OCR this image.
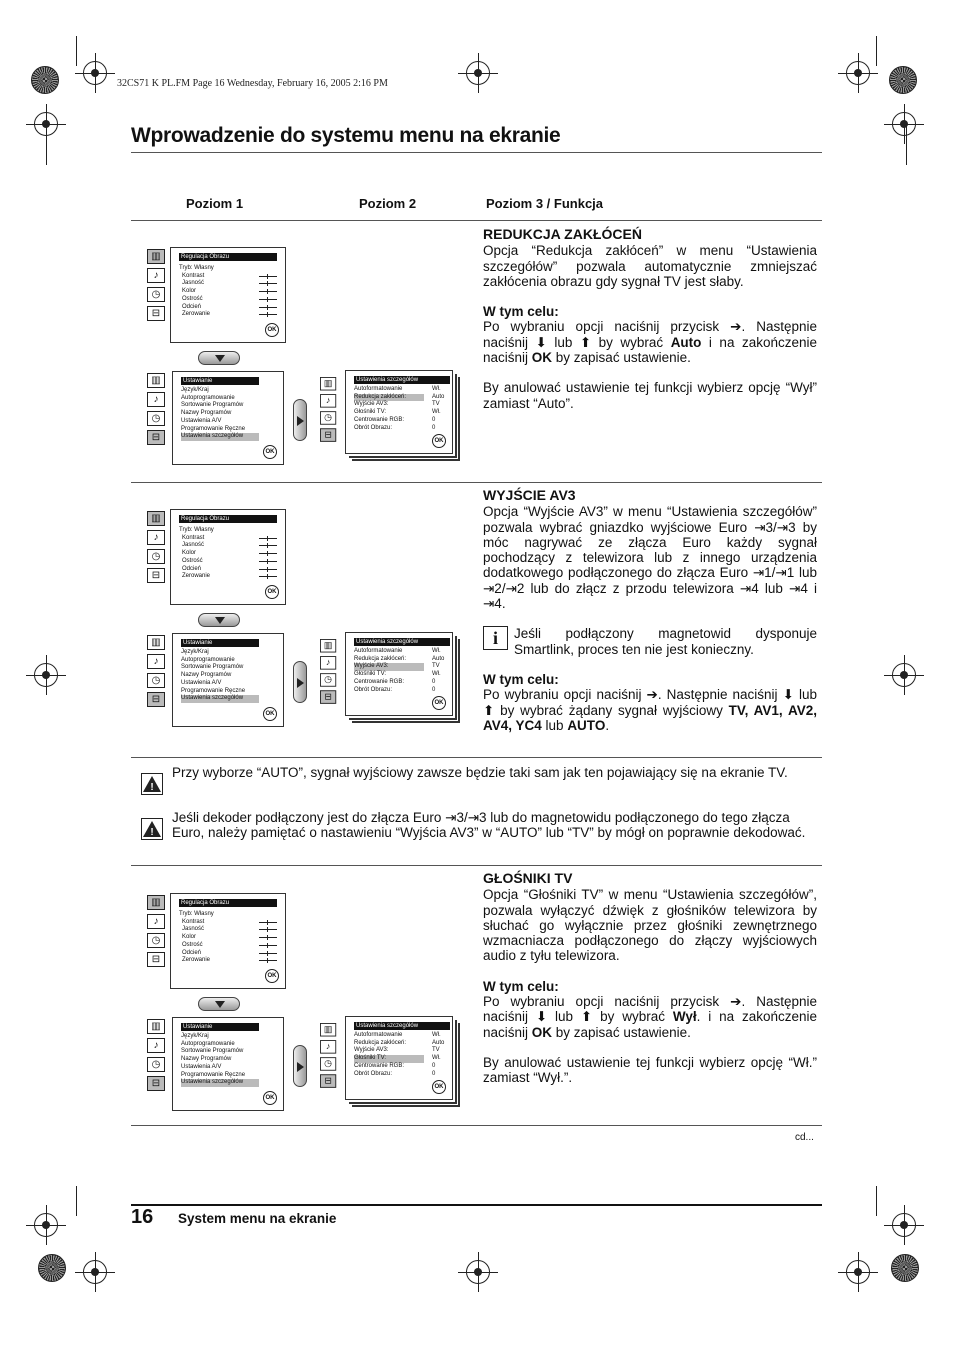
32CS71 K PL.FM Page 16 Wednesday, February 16, 2005 2:16 PM
Wprowadzenie do systemu menu na ekranie
Poziom 1	Poziom 2	Poziom 3 / Funkcja
▥
♪
◷
⊟
Regulacja Obrazu
Tryb: Własny
Kontrast
Jasność
Kolor
Ostrość
Odcień
Zerowanie
OK
▥
♪
◷
⊟
Ustawianie
Język/Kraj
Autoprogramowanie
Sortowanie Programów
Nazwy Programów
Ustawienia A/V
Programowanie Ręczne
Ustawienia szczegółów
OK
▥
♪
◷
⊟
Ustawienia szczegółów
Autoformatowanie
Redukcja zakłóceń:
Wyjście AV3:
Głośniki TV:
Centrowanie RGB:
Obrót Obrazu:
Wł.
Auto
TV
Wł.
0
0
OK
REDUKCJA ZAKŁÓCEŃ

Opcja “Redukcja zakłóceń” w menu “Ustawienia szczegółów” pozwala automatycznie zmniejszać zakłócenia obrazu gdy sygnał TV jest słaby.

W tym celu:

Po wybraniu opcji naciśnij przycisk ➔. Następnie naciśnij ⬇ lub ⬆ by wybrać Auto i na zakończenie naciśnij OK by zapisać ustawienie.

By anulować ustawienie tej funkcji wybierz opcję “Wył” zamiast “Auto”.

▥
♪
◷
⊟
Regulacja Obrazu
Tryb: Własny
Kontrast
Jasność
Kolor
Ostrość
Odcień
Zerowanie
OK
▥
♪
◷
⊟
Ustawianie
Język/Kraj
Autoprogramowanie
Sortowanie Programów
Nazwy Programów
Ustawienia A/V
Programowanie Ręczne
Ustawienia szczegółów
OK
▥
♪
◷
⊟
Ustawienia szczegółów
Autoformatowanie
Redukcja zakłóceń:
Wyjście AV3:
Głośniki TV:
Centrowanie RGB:
Obrót Obrazu:
Wł.
Auto
TV
Wł.
0
0
OK
WYJŚCIE AV3

Opcja “Wyjście AV3” w menu “Ustawienia szczegółów” pozwala wybrać gniazdko wyjściowe Euro ⇥3/⇥3 by móc nagrywać ze złącza Euro każdy sygnał pochodzący z telewizora lub z innego urządzenia dodatkowego podłączonego do złącza Euro ⇥1/⇥1 lub ⇥2/⇥2 lub do złącz z przodu telewizora ⇥4 lub ⇥4 i ⇥4.

i	Jeśli podłączony magnetowid dysponuje Smartlink, proces ten nie jest konieczny.

W tym celu:

Po wybraniu opcji naciśnij ➔. Następnie naciśnij ⬇ lub ⬆ by wybrać żądany sygnał wyjściowy TV, AV1, AV2, AV4, YC4 lub AUTO.

!

Przy wyborze “AUTO”, sygnał wyjściowy zawsze będzie taki sam jak ten pojawiający się na ekranie TV.

!

Jeśli dekoder podłączony jest do złącza Euro ⇥3/⇥3 lub do magnetowidu podłączonego do tego złącza Euro, należy pamiętać o nastawieniu “Wyjścia AV3” w “AUTO” lub “TV” by mógł on poprawnie dekodować.

▥
♪
◷
⊟
Regulacja Obrazu
Tryb: Własny
Kontrast
Jasność
Kolor
Ostrość
Odcień
Zerowanie
OK
▥
♪
◷
⊟
Ustawianie
Język/Kraj
Autoprogramowanie
Sortowanie Programów
Nazwy Programów
Ustawienia A/V
Programowanie Ręczne
Ustawienia szczegółów
OK
▥
♪
◷
⊟
Ustawienia szczegółów
Autoformatowanie
Redukcja zakłóceń:
Wyjście AV3:
Głośniki TV:
Centrowanie RGB:
Obrót Obrazu:
Wł.
Auto
TV
Wł.
0
0
OK
GŁOŚNIKI TV

Opcja “Głośniki TV” w menu “Ustawienia szczegółów”, pozwala wyłączyć dźwięk z głośników telewizora by słuchać go wyłącznie przez głośniki zewnętrznego wzmacniacza podłączonego do złączy wyjściowych audio z tyłu telewizora.

W tym celu:

Po wybraniu opcji naciśnij przycisk ➔. Następnie naciśnij ⬇ lub ⬆ by wybrać Wył. i na zakończenie naciśnij OK by zapisać ustawienie.

By anulować ustawienie tej funkcji wybierz opcję “Wł.” zamiast “Wył.”.

cd...
16 System menu na ekranie
